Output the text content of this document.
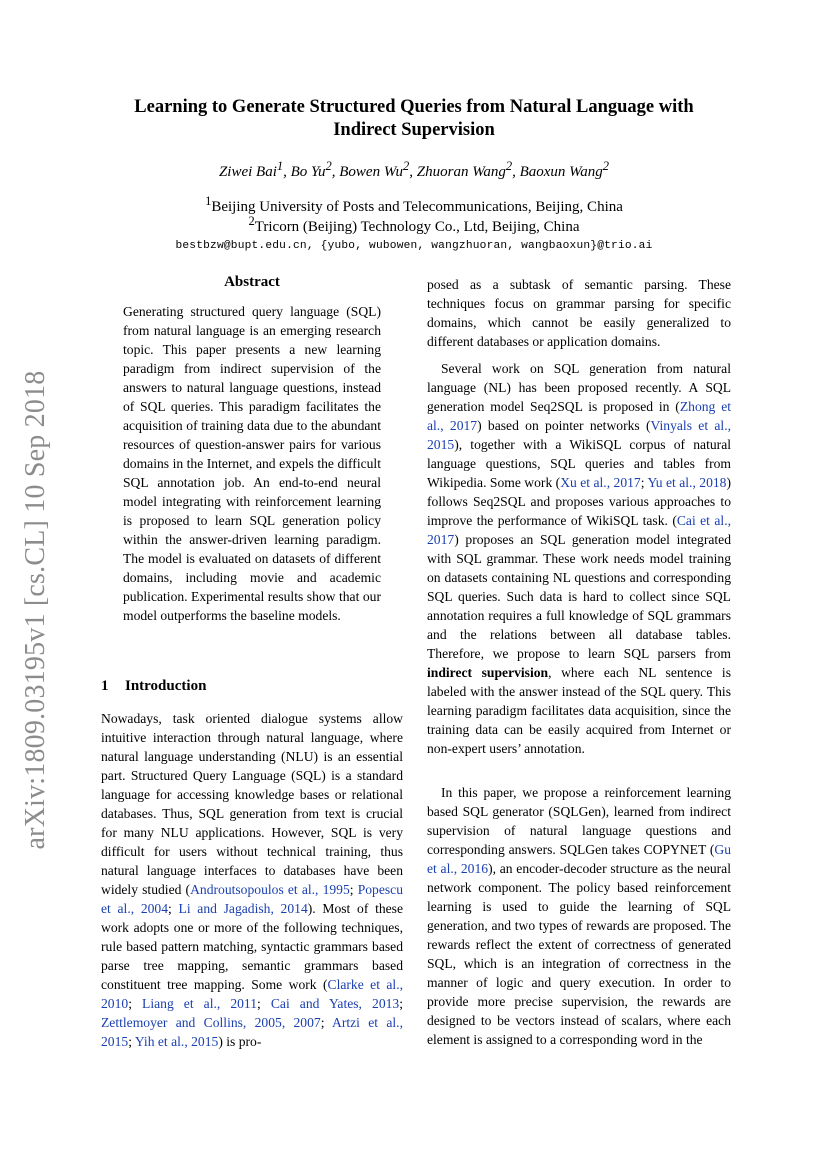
arXiv:1809.03195v1 [cs.CL] 10 Sep 2018
Learning to Generate Structured Queries from Natural Language with
Indirect Supervision
Ziwei Bai$^1$, Bo Yu$^2$, Bowen Wu$^2$, Zhuoran Wang$^2$, Baoxun Wang$^2$
$^1$Beijing University of Posts and Telecommunications, Beijing, China
$^2$Tricorn (Beijing) Technology Co., Ltd, Beijing, China
bestbzw@bupt.edu.cn, {yubo, wubowen, wangzhuoran, wangbaoxun}@trio.ai
Abstract
Generating structured query language (SQL) from natural language is an emerging research topic. This paper presents a new learning paradigm from indirect supervision of the answers to natural language questions, instead of SQL queries. This paradigm facilitates the acquisition of training data due to the abundant resources of question-answer pairs for various domains in the Internet, and expels the difficult SQL annotation job. An end-to-end neural model integrating with reinforcement learning is proposed to learn SQL generation policy within the answer-driven learning paradigm. The model is evaluated on datasets of different domains, including movie and academic publication. Experimental results show that our model outperforms the baseline models.
1 Introduction
Nowadays, task oriented dialogue systems allow intuitive interaction through natural language, where natural language understanding (NLU) is an essential part. Structured Query Language (SQL) is a standard language for accessing knowledge bases or relational databases. Thus, SQL generation from text is crucial for many NLU applications. However, SQL is very difficult for users without technical training, thus natural language interfaces to databases have been widely studied (Androutsopoulos et al., 1995; Popescu et al., 2004; Li and Jagadish, 2014). Most of these work adopts one or more of the following techniques, rule based pattern matching, syntactic grammars based parse tree mapping, semantic grammars based constituent tree mapping. Some work (Clarke et al., 2010; Liang et al., 2011; Cai and Yates, 2013; Zettlemoyer and Collins, 2005, 2007; Artzi et al., 2015; Yih et al., 2015) is pro-
posed as a subtask of semantic parsing. These techniques focus on grammar parsing for specific domains, which cannot be easily generalized to different databases or application domains.
Several work on SQL generation from natural language (NL) has been proposed recently. A SQL generation model Seq2SQL is proposed in (Zhong et al., 2017) based on pointer networks (Vinyals et al., 2015), together with a WikiSQL corpus of natural language questions, SQL queries and tables from Wikipedia. Some work (Xu et al., 2017; Yu et al., 2018) follows Seq2SQL and proposes various approaches to improve the performance of WikiSQL task. (Cai et al., 2017) proposes an SQL generation model integrated with SQL grammar. These work needs model training on datasets containing NL questions and corresponding SQL queries. Such data is hard to collect since SQL annotation requires a full knowledge of SQL grammars and the relations between all database tables. Therefore, we propose to learn SQL parsers from indirect supervision, where each NL sentence is labeled with the answer instead of the SQL query. This learning paradigm facilitates data acquisition, since the training data can be easily acquired from Internet or non-expert users’ annotation.
In this paper, we propose a reinforcement learning based SQL generator (SQLGen), learned from indirect supervision of natural language questions and corresponding answers. SQLGen takes COPYNET (Gu et al., 2016), an encoder-decoder structure as the neural network component. The policy based reinforcement learning is used to guide the learning of SQL generation, and two types of rewards are proposed. The rewards reflect the extent of correctness of generated SQL, which is an integration of correctness in the manner of logic and query execution. In order to provide more precise supervision, the rewards are designed to be vectors instead of scalars, where each element is assigned to a corresponding word in the
